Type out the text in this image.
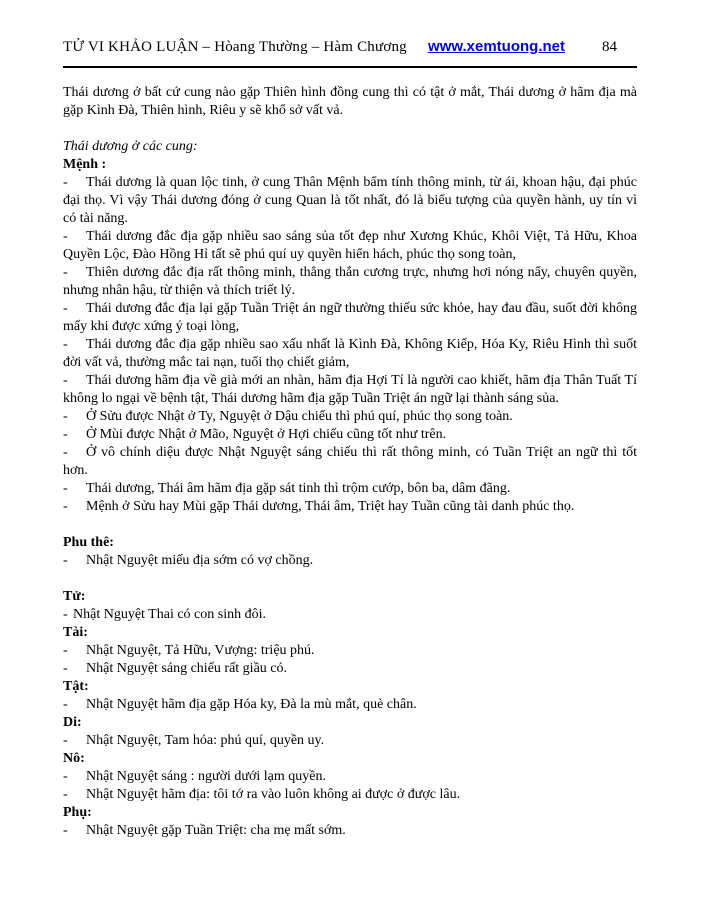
TỬ VI KHẢO LUẬN – Hòang Thường – Hàm Chương	www.xemtuong.net	84

Thái dương ở bất cứ cung nào gặp Thiên hình đồng cung thì có tật ở mắt, Thái dương ở hãm địa mà gặp Kình Đà, Thiên hình, Riêu y sẽ khổ sở vất vả.

Thái dương ở các cung:

Mệnh :

- Thái dương là quan lộc tinh, ở cung Thân Mệnh bẩm tính thông minh, từ ái, khoan hậu, đại phúc đại thọ. Vì vậy Thái dương đóng ở cung Quan là tốt nhất, đó là biểu tượng của quyền hành, uy tín vì có tài năng.

- Thái dương đắc địa gặp nhiều sao sáng sủa tốt đẹp như Xương Khúc, Khôi Việt, Tả Hữu, Khoa Quyền Lộc, Đào Hồng Hỉ tất sẽ phú quí uy quyền hiển hách, phúc thọ song toàn,

- Thiên dương đắc địa rất thông minh, thẳng thắn cương trực, nhưng hơi nóng nẩy, chuyên quyền, nhưng nhân hậu, từ thiện và thích triết lý.

- Thái dương đắc địa lại gặp Tuần Triệt án ngữ thường thiếu sức khỏe, hay đau đầu, suốt đời không mấy khi được xứng ý toại lòng,

- Thái dương đắc địa gặp nhiều sao xấu nhất là Kình Đà, Không Kiếp, Hóa Ky, Riêu Hình thì suốt đời vất vả, thường mắc tai nạn, tuổi thọ chiết giảm,

- Thái dương hãm địa về già mới an nhàn, hãm địa Hợi Tí là người cao khiết, hãm địa Thân Tuất Tí không lo ngại về bệnh tật, Thái dương hãm địa gặp Tuần Triệt án ngữ lại thành sáng sủa.

- Ở Sửu được Nhật ở Ty, Nguyệt ở Dậu chiếu thì phú quí, phúc thọ song toàn.

- Ở Mùi được Nhật ở Mão, Nguyệt ở Hợi chiếu cũng tốt như trên.

- Ở vô chính diệu được Nhật Nguyệt sáng chiếu thì rất thông minh, có Tuần Triệt an ngữ thì tốt hơn.

- Thái dương, Thái âm hãm địa gặp sát tinh thì trộm cướp, bôn ba, dâm đãng.

- Mệnh ở Sửu hay Mùi gặp Thái dương, Thái âm, Triệt hay Tuần cũng tài danh phúc thọ.

Phu thê:

- Nhật Nguyệt miếu địa sớm có vợ chồng.

Tử:

- Nhật Nguyệt Thai có con sinh đôi.

Tài:

- Nhật Nguyệt, Tả Hữu, Vượng: triệu phú.

- Nhật Nguyệt sáng chiếu rất giầu có.

Tật:

- Nhật Nguyệt hãm địa gặp Hóa ky, Đà la mù mắt, què chân.

Di:

- Nhật Nguyệt, Tam hóa: phú quí, quyền uy.

Nô:

- Nhật Nguyệt sáng : người dưới lạm quyền.

- Nhật Nguyệt hãm địa: tôi tớ ra vào luôn không ai được ở được lâu.

Phụ:

- Nhật Nguyệt gặp Tuần Triệt: cha mẹ mất sớm.
